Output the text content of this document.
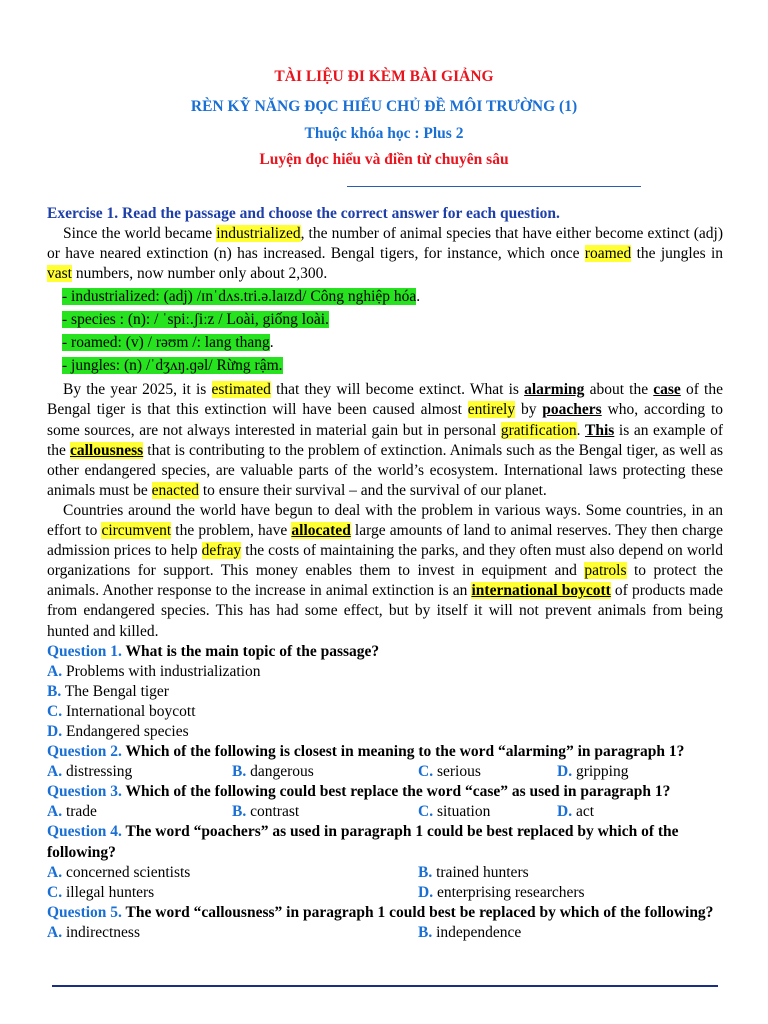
TÀI LIỆU ĐI KÈM BÀI GIẢNG
RÈN KỸ NĂNG ĐỌC HIỂU CHỦ ĐỀ MÔI TRƯỜNG (1)
Thuộc khóa học : Plus 2
Luyện đọc hiểu và điền từ chuyên sâu
Exercise 1. Read the passage and choose the correct answer for each question.

Since the world became industrialized, the number of animal species that have either become extinct (adj) or have neared extinction (n) has increased. Bengal tigers, for instance, which once roamed the jungles in vast numbers, now number only about 2,300.

- industrialized: (adj) /ɪnˈdʌs.tri.ə.laɪzd/ Công nghiệp hóa.
- species : (n): / ˈspiː.ʃiːz / Loài, giống loài.
- roamed: (v) / rəʊm /: lang thang.
- jungles: (n) /ˈdʒʌŋ.ɡəl/ Rừng rậm.

By the year 2025, it is estimated that they will become extinct. What is alarming about the case of the Bengal tiger is that this extinction will have been caused almost entirely by poachers who, according to some sources, are not always interested in material gain but in personal gratification. This is an example of the callousness that is contributing to the problem of extinction. Animals such as the Bengal tiger, as well as other endangered species, are valuable parts of the world’s ecosystem. International laws protecting these animals must be enacted to ensure their survival – and the survival of our planet.

Countries around the world have begun to deal with the problem in various ways. Some countries, in an effort to circumvent the problem, have allocated large amounts of land to animal reserves. They then charge admission prices to help defray the costs of maintaining the parks, and they often must also depend on world organizations for support. This money enables them to invest in equipment and patrols to protect the animals. Another response to the increase in animal extinction is an international boycott of products made from endangered species. This has had some effect, but by itself it will not prevent animals from being hunted and killed.

Question 1. What is the main topic of the passage?
A. Problems with industrialization
B. The Bengal tiger
C. International boycott
D. Endangered species
Question 2. Which of the following is closest in meaning to the word “alarming” in paragraph 1?
A. distressing	B. dangerous	C. serious	D. gripping
Question 3. Which of the following could best replace the word “case” as used in paragraph 1?
A. trade	B. contrast	C. situation	D. act
Question 4. The word “poachers” as used in paragraph 1 could be best replaced by which of the following?
A. concerned scientists	B. trained hunters
C. illegal hunters	D. enterprising researchers
Question 5. The word “callousness” in paragraph 1 could best be replaced by which of the following?
A. indirectness	B. independence
